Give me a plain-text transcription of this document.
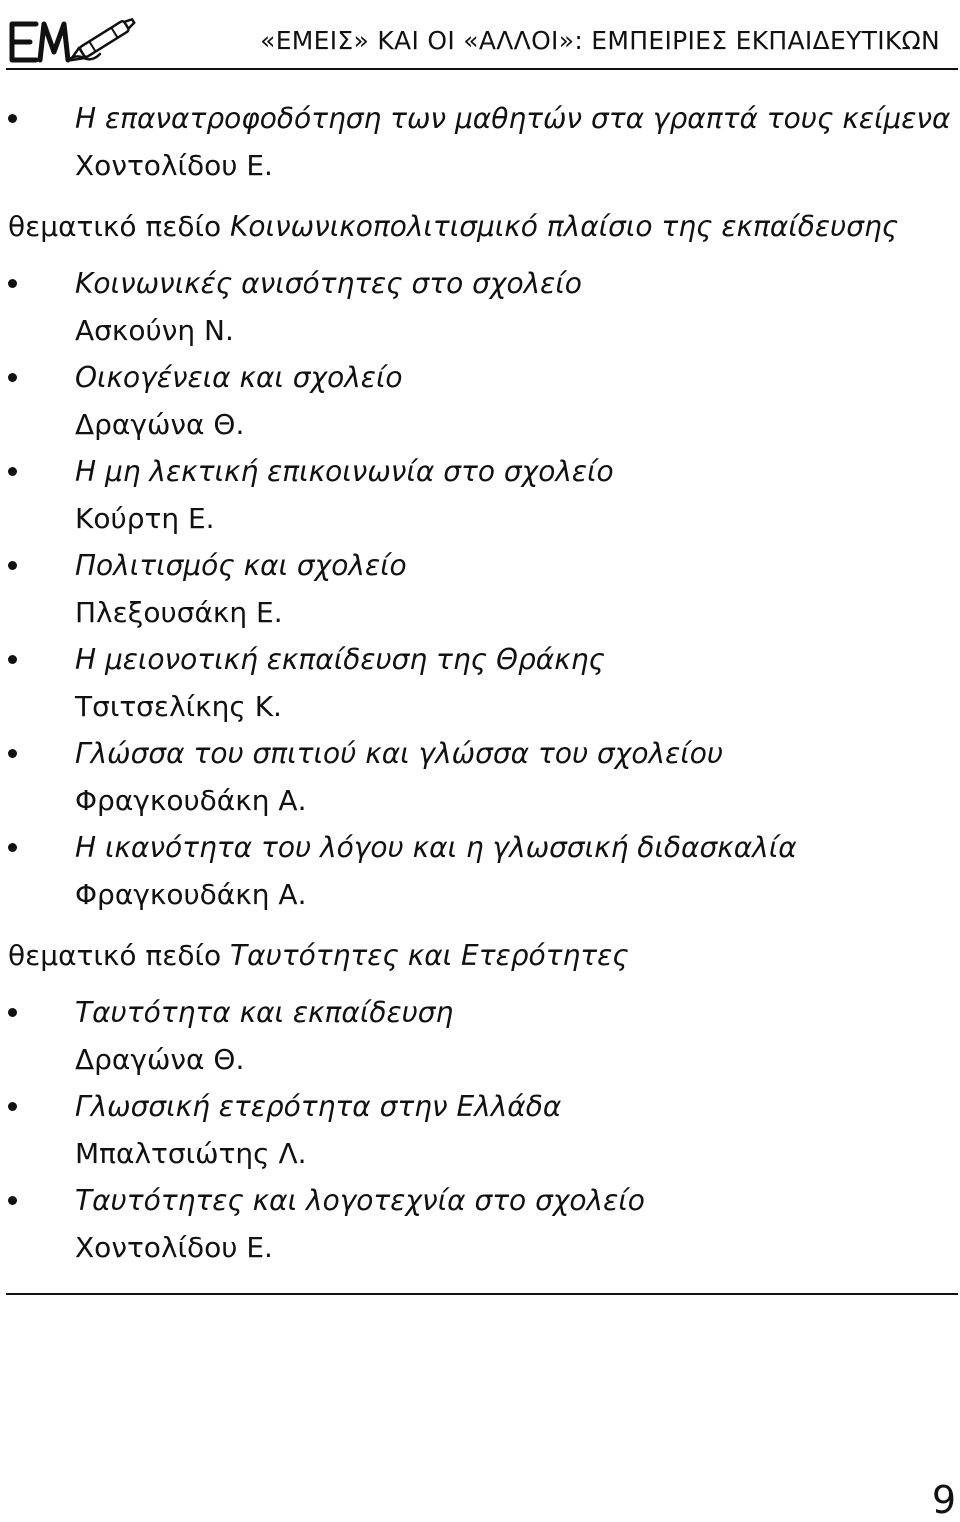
«ΕΜΕΙΣ» ΚΑΙ ΟΙ «ΑΛΛΟΙ»: ΕΜΠΕΙΡΙΕΣ ΕΚΠΑΙΔΕΥΤΙΚΩΝ
Η επανατροφοδότηση των μαθητών στα γραπτά τους κείμενα
Χοντολίδου Ε.
θεματικό πεδίο Κοινωνικοπολιτισμικό πλαίσιο της εκπαίδευσης
Κοινωνικές ανισότητες στο σχολείο
Ασκούνη Ν.
Οικογένεια και σχολείο
Δραγώνα Θ.
Η μη λεκτική επικοινωνία στο σχολείο
Κούρτη Ε.
Πολιτισμός και σχολείο
Πλεξουσάκη Ε.
Η μειονοτική εκπαίδευση της Θράκης
Τσιτσελίκης Κ.
Γλώσσα του σπιτιού και γλώσσα του σχολείου
Φραγκουδάκη Α.
Η ικανότητα του λόγου και η γλωσσική διδασκαλία
Φραγκουδάκη Α.
θεματικό πεδίο Ταυτότητες και Ετερότητες
Ταυτότητα και εκπαίδευση
Δραγώνα Θ.
Γλωσσική ετερότητα στην Ελλάδα
Μπαλτσιώτης Λ.
Ταυτότητες και λογοτεχνία στο σχολείο
Χοντολίδου Ε.
9
